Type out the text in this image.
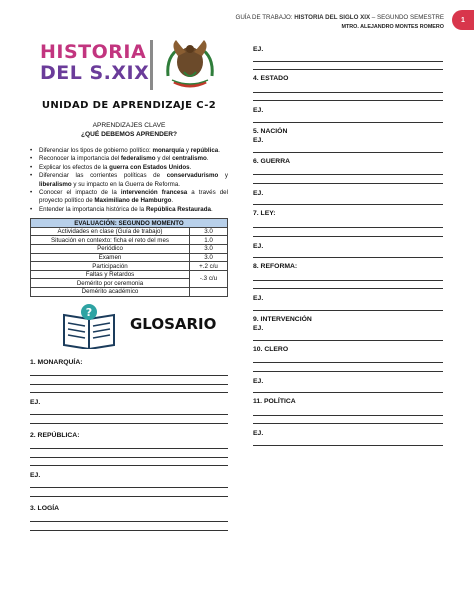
1
GUÍA DE TRABAJO: HISTORIA DEL SIGLO XIX – SEGUNDO SEMESTRE
MTRO. ALEJANDRO MONTES ROMERO
HISTORIA
DEL S.XIX
UNIDAD DE APRENDIZAJE C-2
APRENDIZAJES CLAVE
¿QUÉ DEBEMOS APRENDER?
• Diferenciar los tipos de gobierno político: monarquía y república.
• Reconocer la importancia del federalismo y del centralismo.
• Explicar los efectos de la guerra con Estados Unidos.
• Diferenciar las corrientes políticas de conservadurismo y liberalismo y su impacto en la Guerra de Reforma.
• Conocer el impacto de la intervención francesa a través del proyecto político de Maximiliano de Hamburgo.
• Entender la importancia histórica de la República Restaurada.
EVALUACIÓN: SEGUNDO MOMENTO	
Actividades en clase (Guía de trabajo)	3.0
Situación en contexto: ficha el reto del mes	1.0
Periódico	3.0
Examen	3.0
Participación	+.2 c/u
Faltas y Retardos	-.3 c/u
Demérito por ceremonia	
Demérito académico	
?
GLOSARIO
1. MONARQUÍA:
EJ.
2. REPÚBLICA:
EJ.
3. LOGÍA
EJ.
4. ESTADO
EJ.
5. NACIÓN
EJ.
6. GUERRA
EJ.
7. LEY:
EJ.
8. REFORMA:
EJ.
9. INTERVENCIÓN
EJ.
10. CLERO
EJ.
11. POLÍTICA
EJ.
